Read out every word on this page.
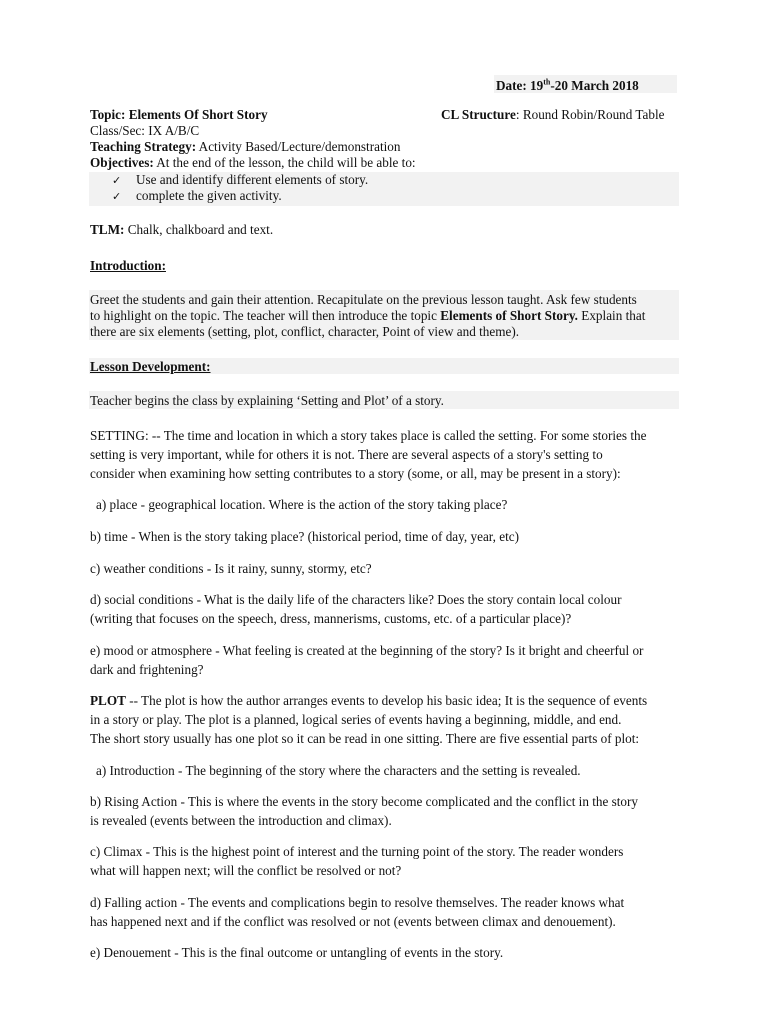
Date: 19th-20 March 2018
Topic: Elements Of Short Story	CL Structure: Round Robin/Round Table
Class/Sec: IX A/B/C
Teaching Strategy: Activity Based/Lecture/demonstration
Objectives: At the end of the lesson, the child will be able to:
✓ Use and identify different elements of story.
✓ complete the given activity.
TLM: Chalk, chalkboard and text.
Introduction:
Greet the students and gain their attention. Recapitulate on the previous lesson taught. Ask few students
to highlight on the topic. The teacher will then introduce the topic Elements of Short Story. Explain that
there are six elements (setting, plot, conflict, character, Point of view and theme).
Lesson Development:
Teacher begins the class by explaining ‘Setting and Plot’ of a story.
SETTING: -- The time and location in which a story takes place is called the setting. For some stories the
setting is very important, while for others it is not. There are several aspects of a story's setting to
consider when examining how setting contributes to a story (some, or all, may be present in a story):
a) place - geographical location. Where is the action of the story taking place?
b) time - When is the story taking place? (historical period, time of day, year, etc)
c) weather conditions - Is it rainy, sunny, stormy, etc?
d) social conditions - What is the daily life of the characters like? Does the story contain local colour
(writing that focuses on the speech, dress, mannerisms, customs, etc. of a particular place)?
e) mood or atmosphere - What feeling is created at the beginning of the story? Is it bright and cheerful or
dark and frightening?
PLOT -- The plot is how the author arranges events to develop his basic idea; It is the sequence of events
in a story or play. The plot is a planned, logical series of events having a beginning, middle, and end.
The short story usually has one plot so it can be read in one sitting. There are five essential parts of plot:
a) Introduction - The beginning of the story where the characters and the setting is revealed.
b) Rising Action - This is where the events in the story become complicated and the conflict in the story
is revealed (events between the introduction and climax).
c) Climax - This is the highest point of interest and the turning point of the story. The reader wonders
what will happen next; will the conflict be resolved or not?
d) Falling action - The events and complications begin to resolve themselves. The reader knows what
has happened next and if the conflict was resolved or not (events between climax and denouement).
e) Denouement - This is the final outcome or untangling of events in the story.
